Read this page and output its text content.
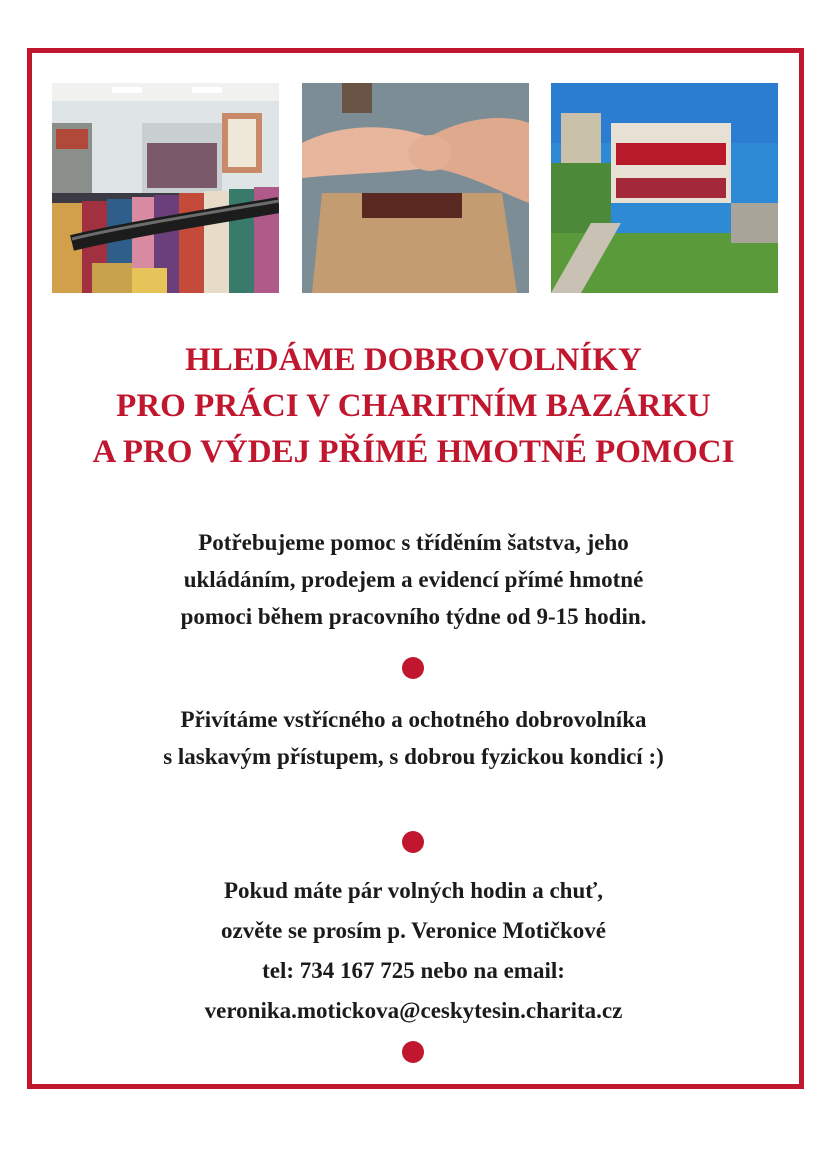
HLEDÁME DOBROVOLNÍKY
PRO PRÁCI V CHARITNÍM BAZÁRKU
A PRO VÝDEJ PŘÍMÉ HMOTNÉ POMOCI

Potřebujeme pomoc s tříděním šatstva, jeho
ukládáním, prodejem a evidencí přímé hmotné
pomoci během pracovního týdne od 9-15 hodin.

Přivítáme vstřícného a ochotného dobrovolníka
s laskavým přístupem, s dobrou fyzickou kondicí :)

Pokud máte pár volných hodin a chuť,
ozvěte se prosím p. Veronice Motičkové
tel: 734 167 725 nebo na email:
veronika.motickova@ceskytesin.charita.cz
